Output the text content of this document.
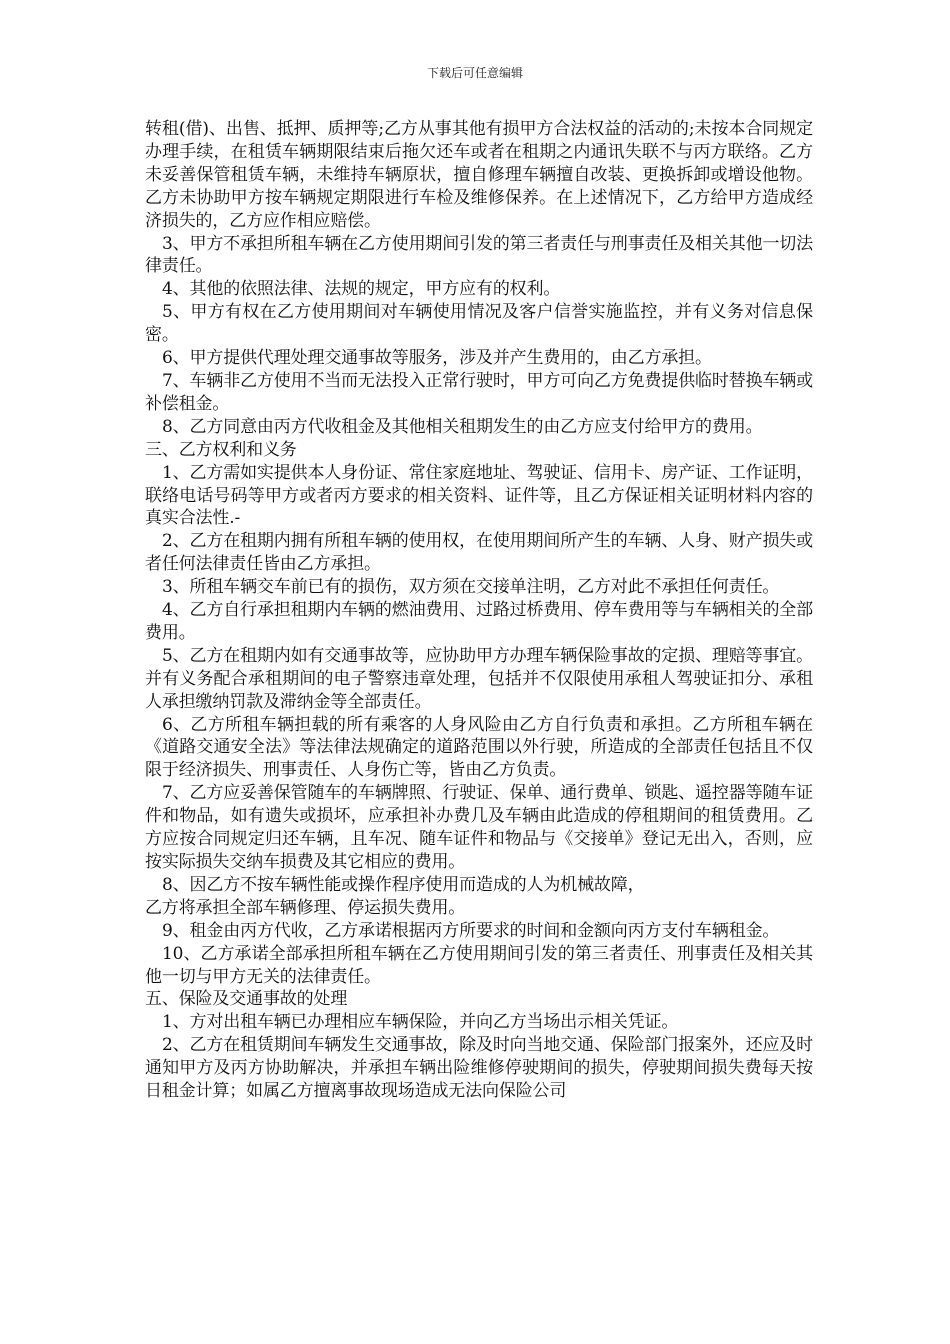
下载后可任意编辑

转租(借)、出售、抵押、质押等;乙方从事其他有损甲方合法权益的活动的;未按本合同规定办理手续，在租赁车辆期限结束后拖欠还车或者在租期之内通讯失联不与丙方联络。乙方未妥善保管租赁车辆，未维持车辆原状，擅自修理车辆擅自改装、更换拆卸或增设他物。乙方未协助甲方按车辆规定期限进行车检及维修保养。在上述情况下，乙方给甲方造成经济损失的，乙方应作相应赔偿。

3、甲方不承担所租车辆在乙方使用期间引发的第三者责任与刑事责任及相关其他一切法律责任。

4、其他的依照法律、法规的规定，甲方应有的权利。

5、甲方有权在乙方使用期间对车辆使用情况及客户信誉实施监控，并有义务对信息保密。

6、甲方提供代理处理交通事故等服务，涉及并产生费用的，由乙方承担。

7、车辆非乙方使用不当而无法投入正常行驶时，甲方可向乙方免费提供临时替换车辆或补偿租金。

8、乙方同意由丙方代收租金及其他相关租期发生的由乙方应支付给甲方的费用。

三、乙方权利和义务

1、乙方需如实提供本人身份证、常住家庭地址、驾驶证、信用卡、房产证、工作证明，联络电话号码等甲方或者丙方要求的相关资料、证件等，且乙方保证相关证明材料内容的真实合法性.-

2、乙方在租期内拥有所租车辆的使用权，在使用期间所产生的车辆、人身、财产损失或者任何法律责任皆由乙方承担。

3、所租车辆交车前已有的损伤，双方须在交接单注明，乙方对此不承担任何责任。

4、乙方自行承担租期内车辆的燃油费用、过路过桥费用、停车费用等与车辆相关的全部费用。

5、乙方在租期内如有交通事故等，应协助甲方办理车辆保险事故的定损、理赔等事宜。并有义务配合承租期间的电子警察违章处理，包括并不仅限使用承租人驾驶证扣分、承租人承担缴纳罚款及滞纳金等全部责任。

6、乙方所租车辆担载的所有乘客的人身风险由乙方自行负责和承担。乙方所租车辆在《道路交通安全法》等法律法规确定的道路范围以外行驶，所造成的全部责任包括且不仅限于经济损失、刑事责任、人身伤亡等，皆由乙方负责。

7、乙方应妥善保管随车的车辆牌照、行驶证、保单、通行费单、锁匙、遥控器等随车证件和物品，如有遗失或损坏，应承担补办费几及车辆由此造成的停租期间的租赁费用。乙方应按合同规定归还车辆，且车况、随车证件和物品与《交接单》登记无出入，否则，应按实际损失交纳车损费及其它相应的费用。

8、因乙方不按车辆性能或操作程序使用而造成的人为机械故障，

乙方将承担全部车辆修理、停运损失费用。

9、租金由丙方代收，乙方承诺根据丙方所要求的时间和金额向丙方支付车辆租金。

10、乙方承诺全部承担所租车辆在乙方使用期间引发的第三者责任、刑事责任及相关其他一切与甲方无关的法律责任。

五、保险及交通事故的处理

1、方对出租车辆已办理相应车辆保险，并向乙方当场出示相关凭证。

2、乙方在租赁期间车辆发生交通事故，除及时向当地交通、保险部门报案外，还应及时通知甲方及丙方协助解决，并承担车辆出险维修停驶期间的损失，停驶期间损失费每天按日租金计算；如属乙方擅离事故现场造成无法向保险公司
